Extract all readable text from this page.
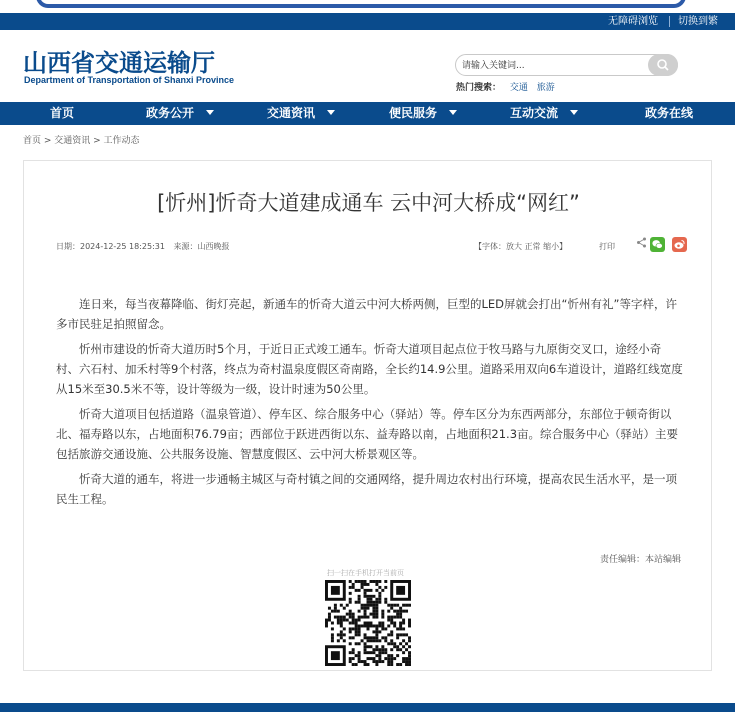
无障碍浏览 切换到繁
山西省交通运输厅
Department of Transportation of Shanxi Province
请输入关键词...
热门搜索： 交通 旅游
首页	政务公开	交通资讯	便民服务	互动交流	政务在线
首页 > 交通资讯 > 工作动态
[忻州]忻奇大道建成通车 云中河大桥成“网红”
日期：2024-12-25 18:25:31 来源：山西晚报	【字体：放大 正常 缩小】	打印

连日来，每当夜幕降临、街灯亮起，新通车的忻奇大道云中河大桥两侧，巨型的LED屏就会打出“忻州有礼”等字样，许多市民驻足拍照留念。

忻州市建设的忻奇大道历时5个月，于近日正式竣工通车。忻奇大道项目起点位于牧马路与九原街交叉口，途经小奇村、六石村、加禾村等9个村落，终点为奇村温泉度假区奇南路，全长约14.9公里。道路采用双向6车道设计，道路红线宽度从15米至30.5米不等，设计等级为一级，设计时速为50公里。

忻奇大道项目包括道路（温泉管道）、停车区、综合服务中心（驿站）等。停车区分为东西两部分，东部位于顿奇街以北、福寿路以东，占地面积76.79亩；西部位于跃进西街以东、益寿路以南，占地面积21.3亩。综合服务中心（驿站）主要包括旅游交通设施、公共服务设施、智慧度假区、云中河大桥景观区等。

忻奇大道的通车，将进一步通畅主城区与奇村镇之间的交通网络，提升周边农村出行环境，提高农民生活水平，是一项民生工程。

责任编辑：本站编辑
扫一扫在手机打开当前页
